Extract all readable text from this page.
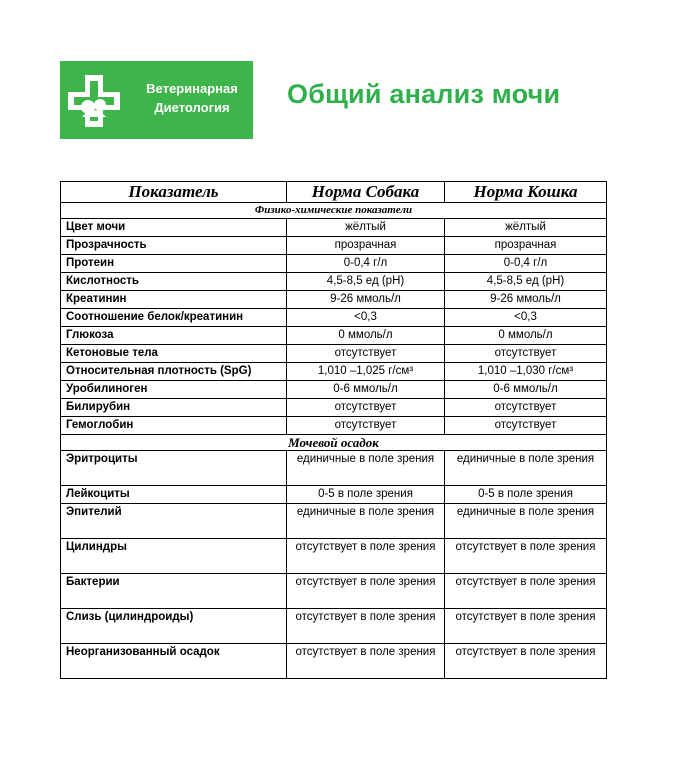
Ветеринарная
Диетология	Общий анализ мочи
Показатель	Норма Собака	Норма Кошка
Физико-химические показатели		
Цвет мочи	жёлтый	жёлтый
Прозрачность	прозрачная	прозрачная
Протеин	0-0,4 г/л	0-0,4 г/л
Кислотность	4,5-8,5 ед (рН)	4,5-8,5 ед (рН)
Креатинин	9-26 ммоль/л	9-26 ммоль/л
Соотношение белок/креатинин	<0,3	<0,3
Глюкоза	0 ммоль/л	0 ммоль/л
Кетоновые тела	отсутствует	отсутствует
Относительная плотность (SpG)	1,010 –1,025 г/см³	1,010 –1,030 г/см³
Уробилиноген	0-6 ммоль/л	0-6 ммоль/л
Билирубин	отсутствует	отсутствует
Гемоглобин	отсутствует	отсутствует
Мочевой осадок		
Эритроциты	единичные в поле зрения	единичные в поле зрения
Лейкоциты	0-5 в поле зрения	0-5 в поле зрения
Эпителий	единичные в поле зрения	единичные в поле зрения
Цилиндры	отсутствует в поле зрения	отсутствует в поле зрения
Бактерии	отсутствует в поле зрения	отсутствует в поле зрения
Слизь (цилиндроиды)	отсутствует в поле зрения	отсутствует в поле зрения
Неорганизованный осадок	отсутствует в поле зрения	отсутствует в поле зрения
